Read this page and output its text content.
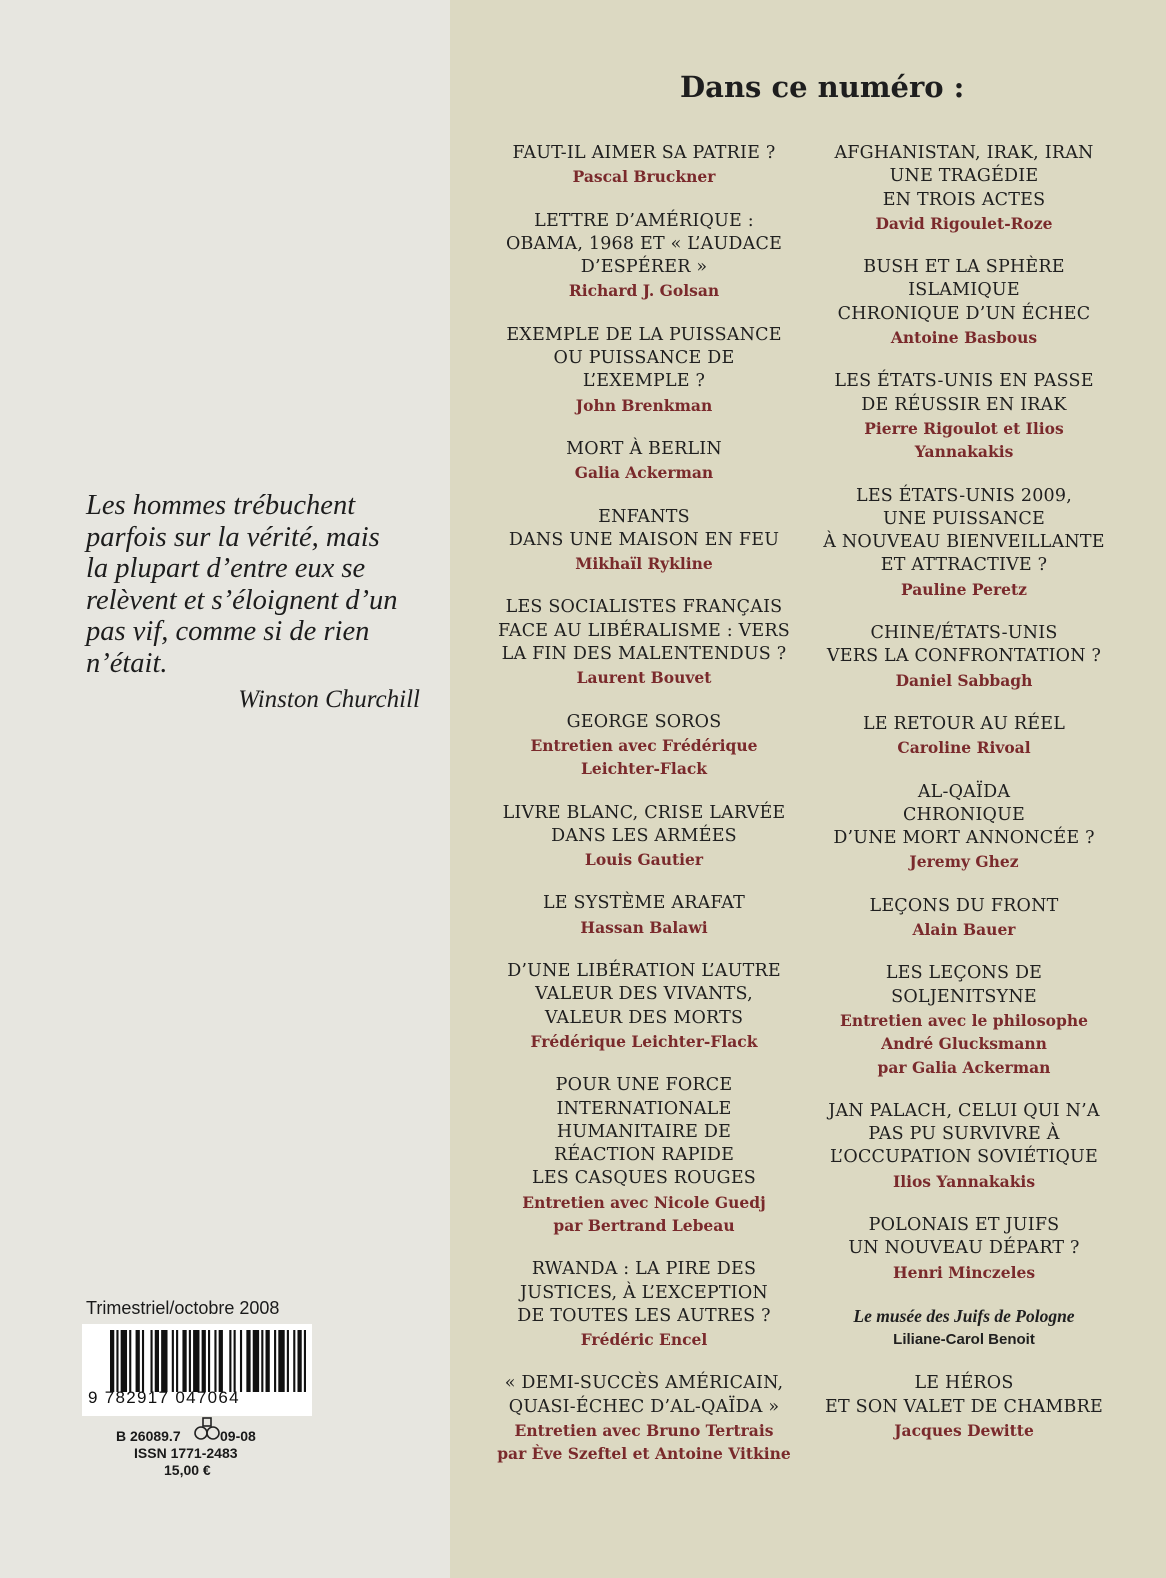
Les hommes trébuchent
parfois sur la vérité, mais
la plupart d’entre eux se
relèvent et s’éloignent d’un
pas vif, comme si de rien
n’était.
Winston Churchill
Trimestriel/octobre 2008
9 782917 047064
B 26089.7	09-08
ISSN 1771-2483
15,00 €
Dans ce numéro :
FAUT-IL AIMER SA PATRIE ?
Pascal Bruckner
LETTRE D’AMÉRIQUE :
OBAMA, 1968 ET « L’AUDACE
D’ESPÉRER »
Richard J. Golsan
EXEMPLE DE LA PUISSANCE
OU PUISSANCE DE
L’EXEMPLE ?
John Brenkman
MORT À BERLIN
Galia Ackerman
ENFANTS
DANS UNE MAISON EN FEU
Mikhaïl Rykline
LES SOCIALISTES FRANÇAIS
FACE AU LIBÉRALISME : VERS
LA FIN DES MALENTENDUS ?
Laurent Bouvet
GEORGE SOROS
Entretien avec Frédérique
Leichter-Flack
LIVRE BLANC, CRISE LARVÉE
DANS LES ARMÉES
Louis Gautier
LE SYSTÈME ARAFAT
Hassan Balawi
D’UNE LIBÉRATION L’AUTRE
VALEUR DES VIVANTS,
VALEUR DES MORTS
Frédérique Leichter-Flack
POUR UNE FORCE
INTERNATIONALE
HUMANITAIRE DE
RÉACTION RAPIDE
LES CASQUES ROUGES
Entretien avec Nicole Guedj
par Bertrand Lebeau
RWANDA : LA PIRE DES
JUSTICES, À L’EXCEPTION
DE TOUTES LES AUTRES ?
Frédéric Encel
« DEMI-SUCCÈS AMÉRICAIN,
QUASI-ÉCHEC D’AL-QAÏDA »
Entretien avec Bruno Tertrais
par Ève Szeftel et Antoine Vitkine
AFGHANISTAN, IRAK, IRAN
UNE TRAGÉDIE
EN TROIS ACTES
David Rigoulet-Roze
BUSH ET LA SPHÈRE
ISLAMIQUE
CHRONIQUE D’UN ÉCHEC
Antoine Basbous
LES ÉTATS-UNIS EN PASSE
DE RÉUSSIR EN IRAK
Pierre Rigoulot et Ilios
Yannakakis
LES ÉTATS-UNIS 2009,
UNE PUISSANCE
À NOUVEAU BIENVEILLANTE
ET ATTRACTIVE ?
Pauline Peretz
CHINE/ÉTATS-UNIS
VERS LA CONFRONTATION ?
Daniel Sabbagh
LE RETOUR AU RÉEL
Caroline Rivoal
AL-QAÏDA
CHRONIQUE
D’UNE MORT ANNONCÉE ?
Jeremy Ghez
LEÇONS DU FRONT
Alain Bauer
LES LEÇONS DE
SOLJENITSYNE
Entretien avec le philosophe
André Glucksmann
par Galia Ackerman
JAN PALACH, CELUI QUI N’A
PAS PU SURVIVRE À
L’OCCUPATION SOVIÉTIQUE
Ilios Yannakakis
POLONAIS ET JUIFS
UN NOUVEAU DÉPART ?
Henri Minczeles
Le musée des Juifs de Pologne
Liliane-Carol Benoit
LE HÉROS
ET SON VALET DE CHAMBRE
Jacques Dewitte
